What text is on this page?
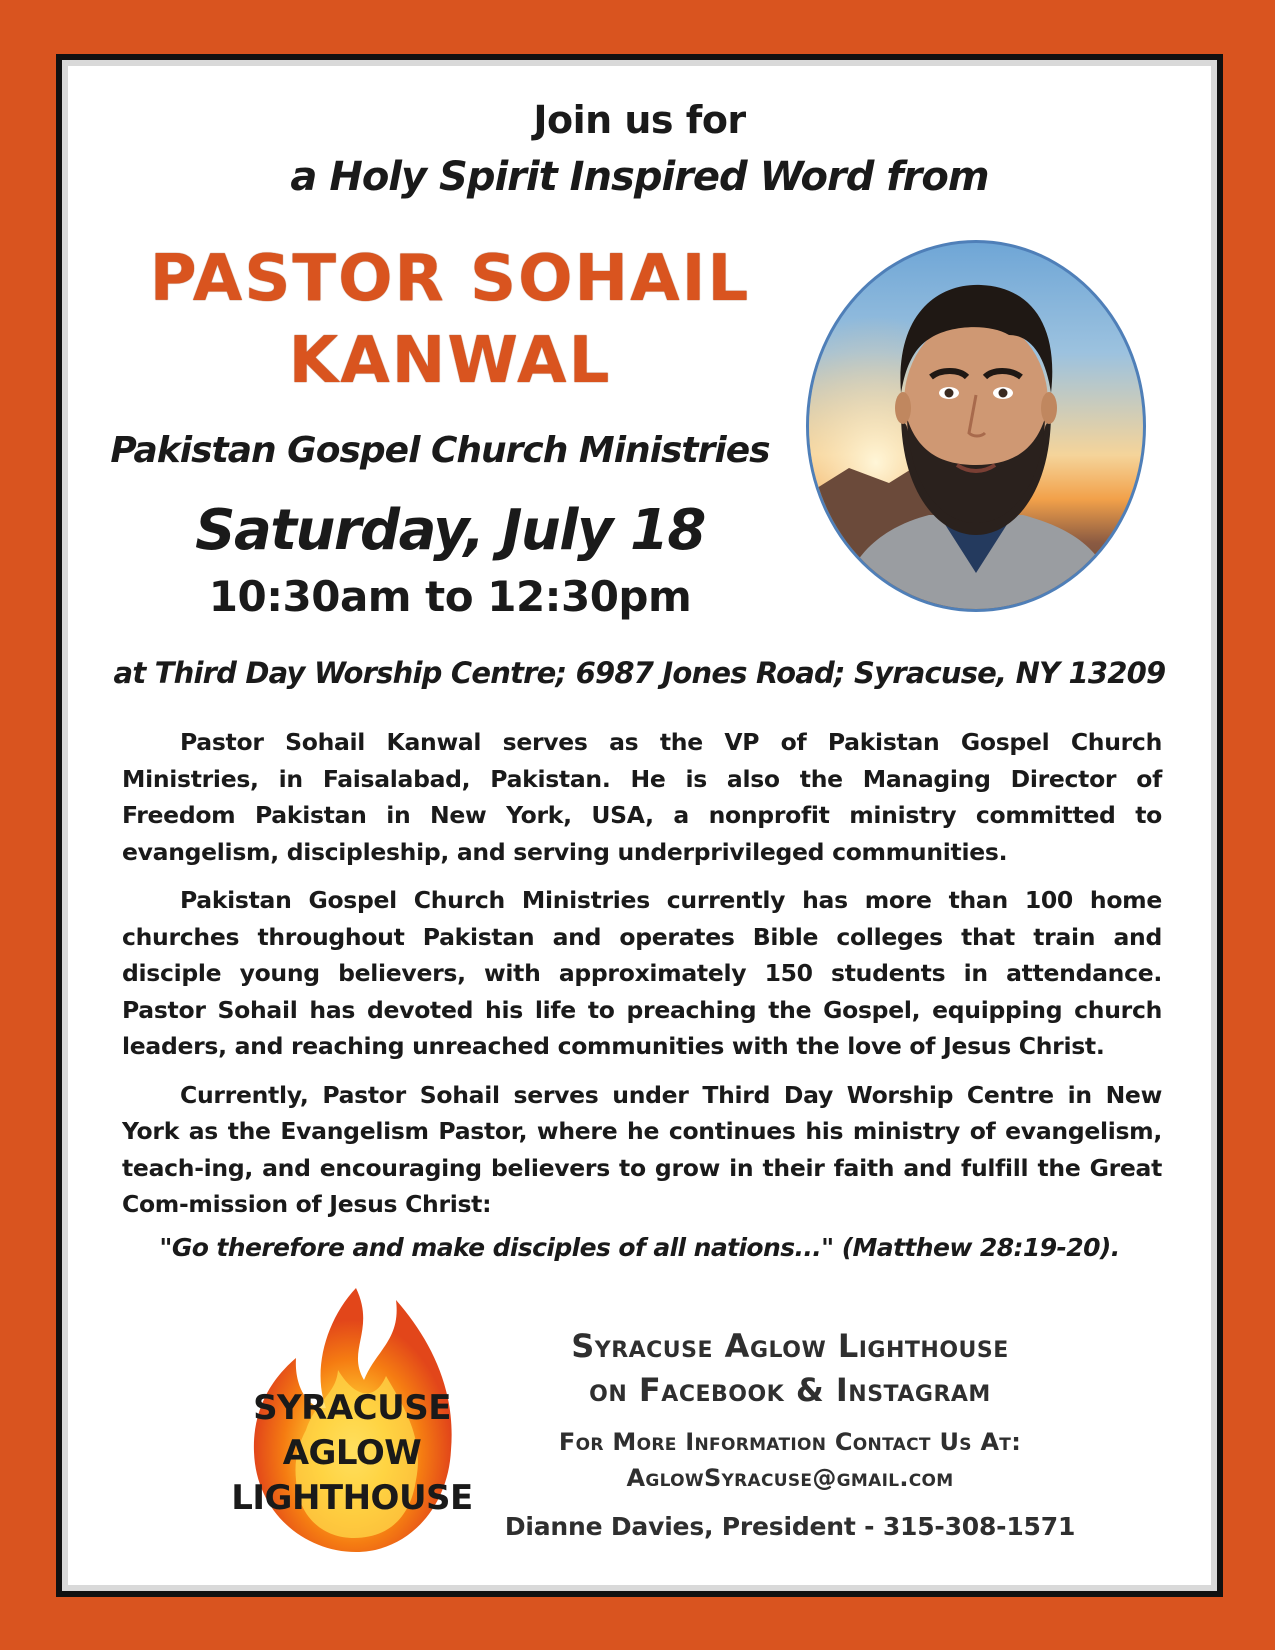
Join us for
a Holy Spirit Inspired Word from
PASTOR SOHAIL
KANWAL
Pakistan Gospel Church Ministries
Saturday, July 18
10:30am to 12:30pm
at Third Day Worship Centre; 6987 Jones Road; Syracuse, NY 13209

Pastor Sohail Kanwal serves as the VP of Pakistan Gospel Church Ministries, in Faisalabad, Pakistan. He is also the Managing Director of Freedom Pakistan in New York, USA, a nonprofit ministry committed to evangelism, discipleship, and serving underprivileged communities.

Pakistan Gospel Church Ministries currently has more than 100 home churches throughout Pakistan and operates Bible colleges that train and disciple young believers, with approximately 150 students in attendance. Pastor Sohail has devoted his life to preaching the Gospel, equipping church leaders, and reaching unreached communities with the love of Jesus Christ.

Currently, Pastor Sohail serves under Third Day Worship Centre in New York as the Evangelism Pastor, where he continues his ministry of evangelism, teach-ing, and encouraging believers to grow in their faith and fulfill the Great Com-mission of Jesus Christ:

"Go therefore and make disciples of all nations..." (Matthew 28:19-20).
SYRACUSE
AGLOW
LIGHTHOUSE
Syracuse Aglow Lighthouse
on Facebook & Instagram
For More Information Contact Us At:
AglowSyracuse@gmail.com
Dianne Davies, President - 315-308-1571
